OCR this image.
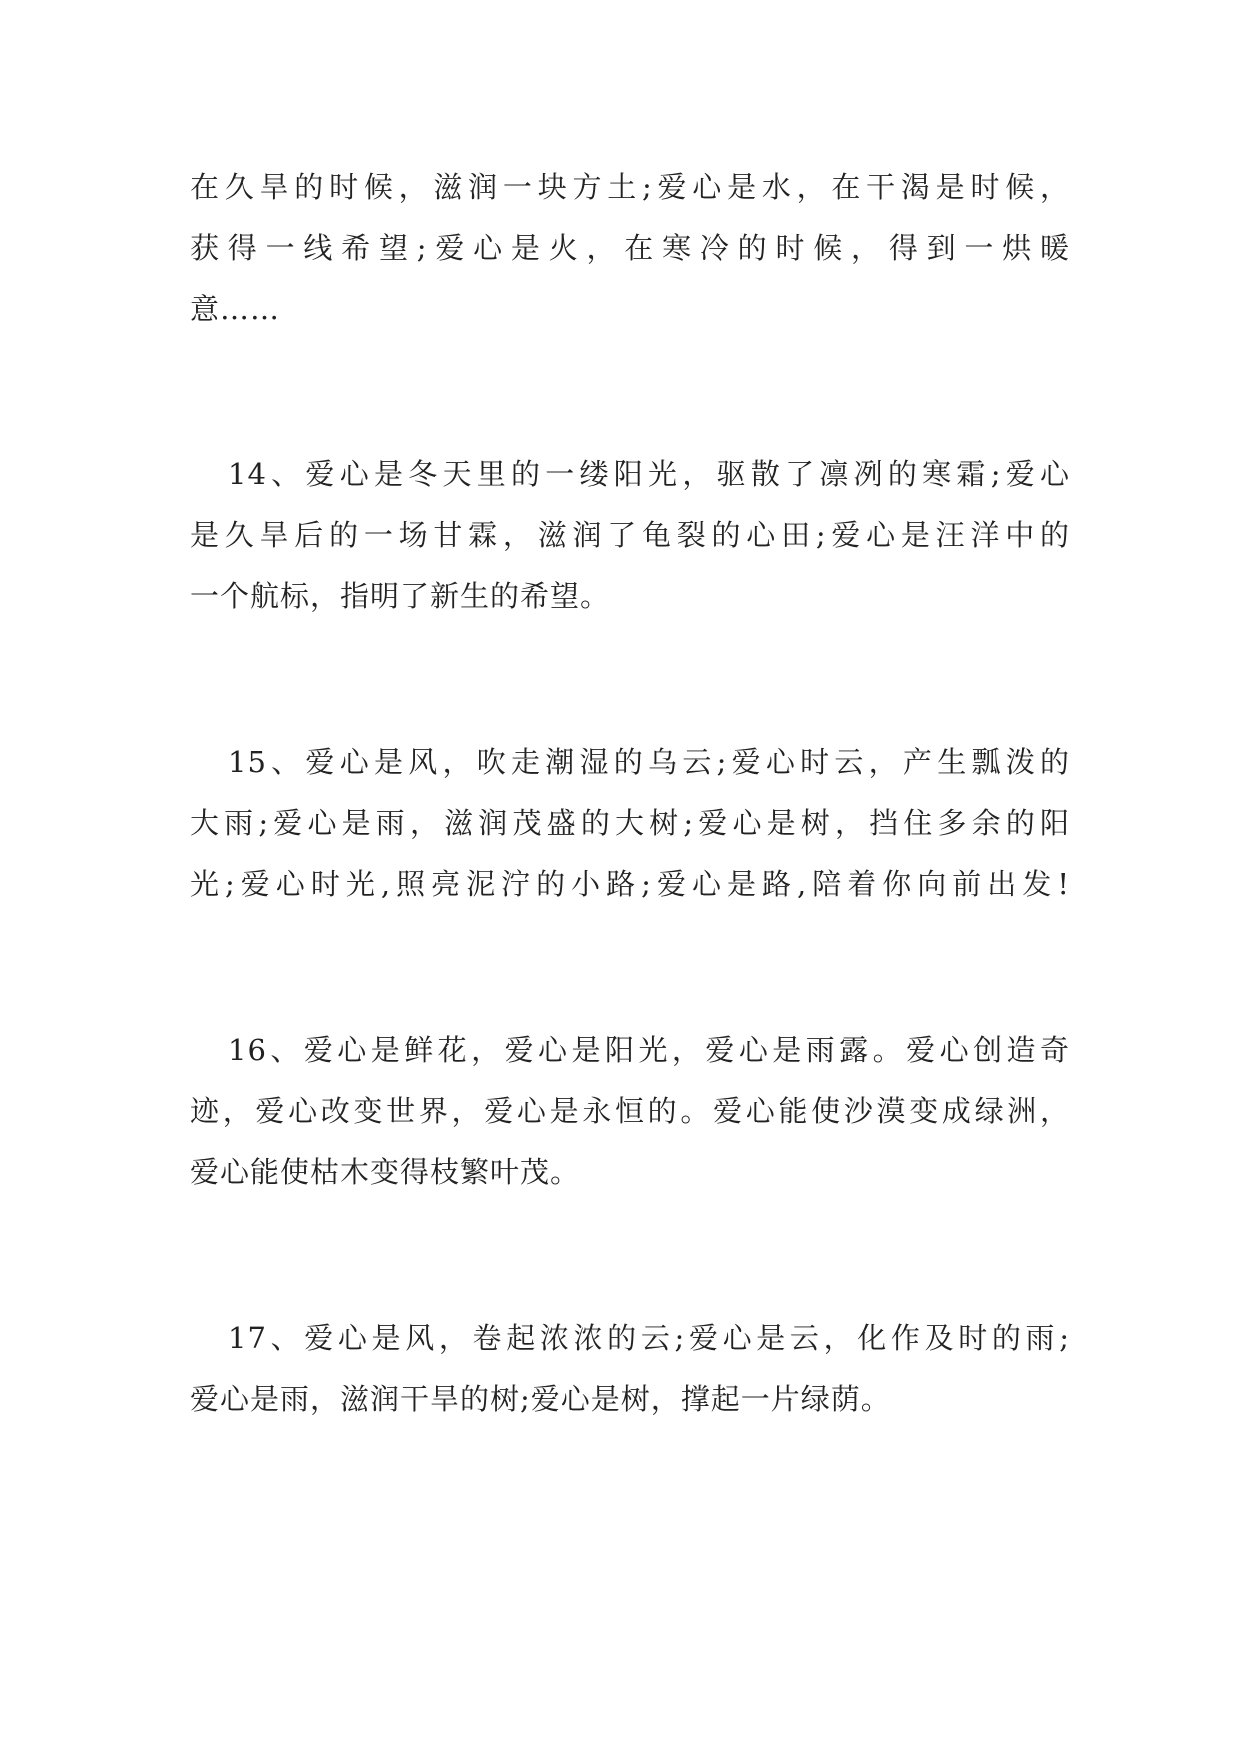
在久旱的时候，滋润一块方土;爱心是水，在干渴是时候，
获得一线希望;爱心是火，在寒冷的时候，得到一烘暖
意……
14、爱心是冬天里的一缕阳光，驱散了凛冽的寒霜;爱心
是久旱后的一场甘霖，滋润了龟裂的心田;爱心是汪洋中的
一个航标，指明了新生的希望。
15、爱心是风，吹走潮湿的乌云;爱心时云，产生瓢泼的
大雨;爱心是雨，滋润茂盛的大树;爱心是树，挡住多余的阳
光;爱心时光,照亮泥泞的小路;爱心是路,陪着你向前出发!
16、爱心是鲜花，爱心是阳光，爱心是雨露。爱心创造奇
迹，爱心改变世界，爱心是永恒的。爱心能使沙漠变成绿洲，
爱心能使枯木变得枝繁叶茂。
17、爱心是风，卷起浓浓的云;爱心是云，化作及时的雨;
爱心是雨，滋润干旱的树;爱心是树，撑起一片绿荫。
